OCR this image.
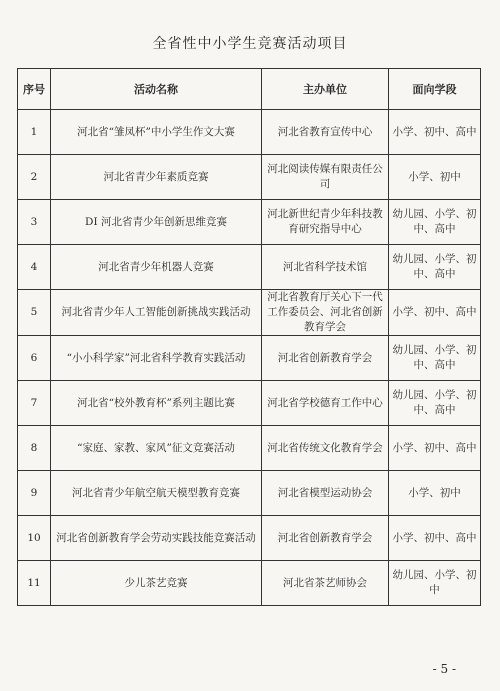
全省性中小学生竞赛活动项目
序号	活动名称	主办单位	面向学段
1	河北省“雏凤杯”中小学生作文大赛	河北省教育宣传中心	小学、初中、高中
2	河北省青少年素质竞赛	河北阅读传媒有限责任公司	小学、初中
3	DI 河北省青少年创新思维竞赛	河北新世纪青少年科技教育研究指导中心	幼儿园、小学、初中、高中
4	河北省青少年机器人竞赛	河北省科学技术馆	幼儿园、小学、初中、高中
5	河北省青少年人工智能创新挑战实践活动	河北省教育厅关心下一代工作委员会、河北省创新教育学会	小学、初中、高中
6	“小小科学家”河北省科学教育实践活动	河北省创新教育学会	幼儿园、小学、初中、高中
7	河北省“校外教育杯”系列主题比赛	河北省学校德育工作中心	幼儿园、小学、初中、高中
8	“家庭、家教、家风”征文竞赛活动	河北省传统文化教育学会	小学、初中、高中
9	河北省青少年航空航天模型教育竞赛	河北省模型运动协会	小学、初中
10	河北省创新教育学会劳动实践技能竞赛活动	河北省创新教育学会	小学、初中、高中
11	少儿茶艺竞赛	河北省茶艺师协会	幼儿园、小学、初中
- 5 -
